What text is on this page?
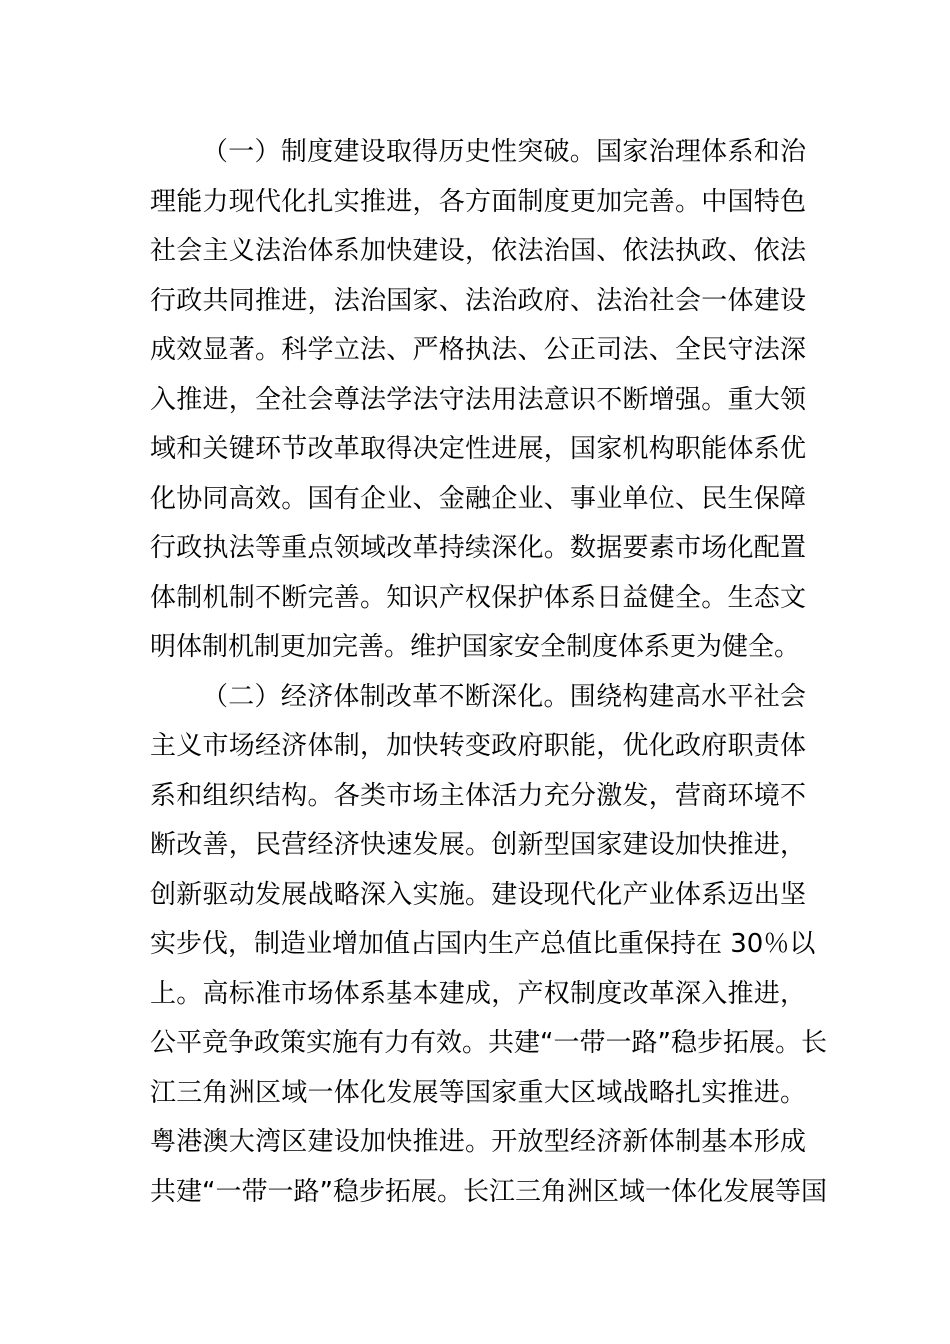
（一）制度建设取得历史性突破。国家治理体系和治
理能力现代化扎实推进，各方面制度更加完善。中国特色
社会主义法治体系加快建设，依法治国、依法执政、依法
行政共同推进，法治国家、法治政府、法治社会一体建设
成效显著。科学立法、严格执法、公正司法、全民守法深
入推进，全社会尊法学法守法用法意识不断增强。重大领
域和关键环节改革取得决定性进展，国家机构职能体系优
化协同高效。国有企业、金融企业、事业单位、民生保障
行政执法等重点领域改革持续深化。数据要素市场化配置
体制机制不断完善。知识产权保护体系日益健全。生态文
明体制机制更加完善。维护国家安全制度体系更为健全。
（二）经济体制改革不断深化。围绕构建高水平社会
主义市场经济体制，加快转变政府职能，优化政府职责体
系和组织结构。各类市场主体活力充分激发，营商环境不
断改善，民营经济快速发展。创新型国家建设加快推进，
创新驱动发展战略深入实施。建设现代化产业体系迈出坚
实步伐，制造业增加值占国内生产总值比重保持在 30％以
上。高标准市场体系基本建成，产权制度改革深入推进，
公平竞争政策实施有力有效。共建“一带一路”稳步拓展。长
江三角洲区域一体化发展等国家重大区域战略扎实推进。
粤港澳大湾区建设加快推进。开放型经济新体制基本形成
共建“一带一路”稳步拓展。长江三角洲区域一体化发展等国
